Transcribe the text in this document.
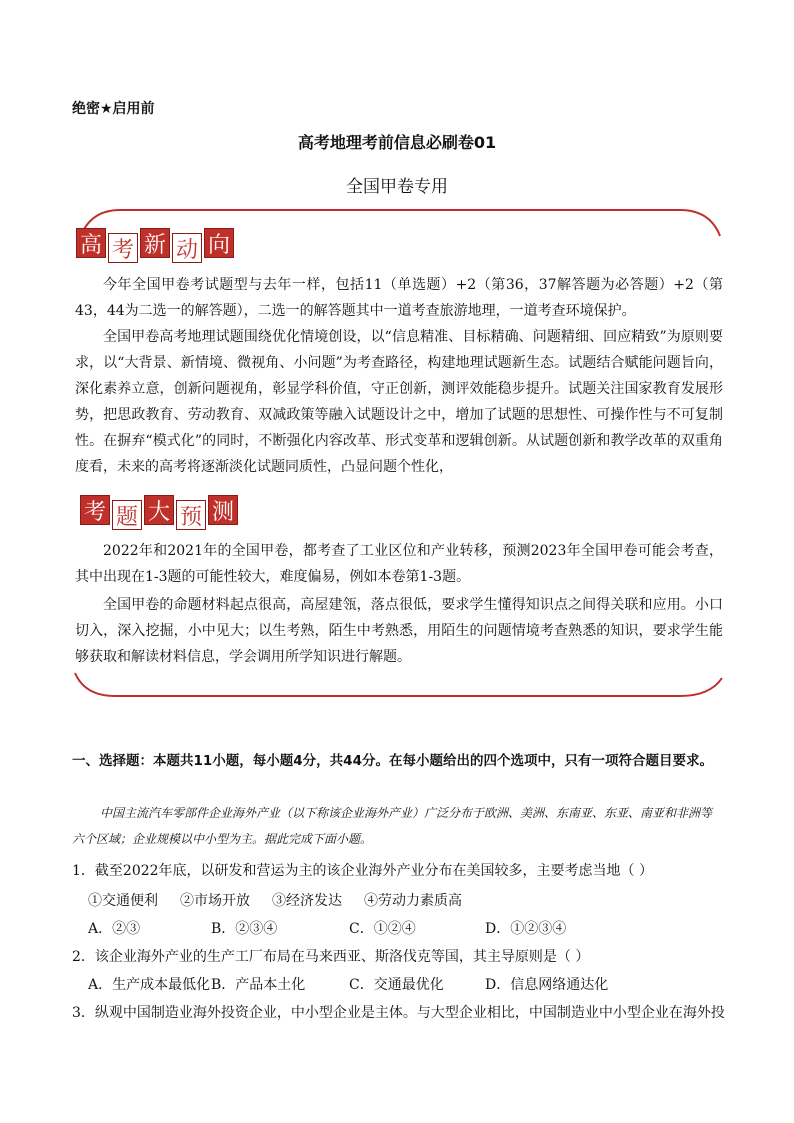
绝密★启用前
高考地理考前信息必刷卷01
全国甲卷专用
高 考 新 动 向
今年全国甲卷考试题型与去年一样，包括11（单选题）+2（第36，37解答题为必答题）+2（第43，44为二选一的解答题），二选一的解答题其中一道考查旅游地理，一道考查环境保护。
全国甲卷高考地理试题围绕优化情境创设，以“信息精准、目标精确、问题精细、回应精致”为原则要求，以“大背景、新情境、微视角、小问题”为考查路径，构建地理试题新生态。试题结合赋能问题旨向，深化素养立意，创新问题视角，彰显学科价值，守正创新，测评效能稳步提升。试题关注国家教育发展形势，把思政教育、劳动教育、双减政策等融入试题设计之中，增加了试题的思想性、可操作性与不可复制性。在摒弃“模式化”的同时，不断强化内容改革、形式变革和逻辑创新。从试题创新和教学改革的双重角度看，未来的高考将逐渐淡化试题同质性，凸显问题个性化，
考 题 大 预 测
2022年和2021年的全国甲卷，都考查了工业区位和产业转移，预测2023年全国甲卷可能会考查，其中出现在1-3题的可能性较大，难度偏易，例如本卷第1-3题。
全国甲卷的命题材料起点很高，高屋建瓴，落点很低，要求学生懂得知识点之间得关联和应用。小口切入，深入挖掘，小中见大；以生考熟，陌生中考熟悉，用陌生的问题情境考查熟悉的知识，要求学生能够获取和解读材料信息，学会调用所学知识进行解题。
一、选择题：本题共11小题，每小题4分，共44分。在每小题给出的四个选项中，只有一项符合题目要求。
中国主流汽车零部件企业海外产业（以下称该企业海外产业）广泛分布于欧洲、美洲、东南亚、东亚、南亚和非洲等六个区域；企业规模以中小型为主。据此完成下面小题。
1．截至2022年底，以研发和营运为主的该企业海外产业分布在美国较多，主要考虑当地（ ）
①交通便利 ②市场开放 ③经济发达 ④劳动力素质高
A．②③	B．②③④	C．①②④	D．①②③④
2．该企业海外产业的生产工厂布局在马来西亚、斯洛伐克等国，其主导原则是（ ）
A．生产成本最低化 B．产品本土化	C．交通最优化	D．信息网络通达化
3．纵观中国制造业海外投资企业，中小型企业是主体。与大型企业相比，中国制造业中小型企业在海外投
